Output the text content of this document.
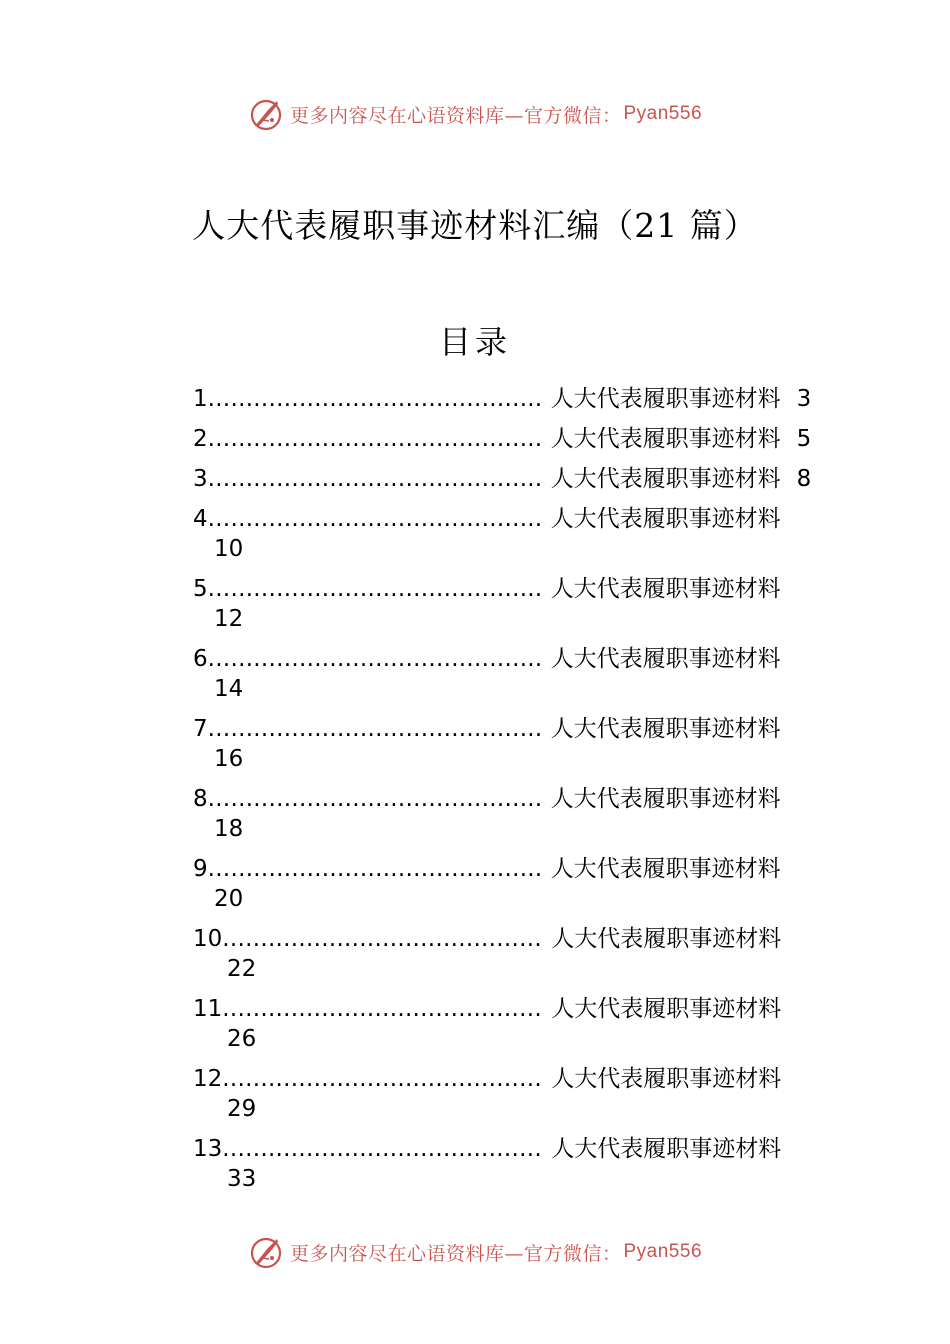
更多内容尽在心语资料库—官方微信： Pyan556
人大代表履职事迹材料汇编（21 篇）
目录
1............................................ 人大代表履职事迹材料 3
2............................................ 人大代表履职事迹材料 5
3............................................ 人大代表履职事迹材料 8
4............................................ 人大代表履职事迹材料
10
5............................................ 人大代表履职事迹材料
12
6............................................ 人大代表履职事迹材料
14
7............................................ 人大代表履职事迹材料
16
8............................................ 人大代表履职事迹材料
18
9............................................ 人大代表履职事迹材料
20
10.......................................... 人大代表履职事迹材料
22
11.......................................... 人大代表履职事迹材料
26
12.......................................... 人大代表履职事迹材料
29
13.......................................... 人大代表履职事迹材料
33
更多内容尽在心语资料库—官方微信： Pyan556
